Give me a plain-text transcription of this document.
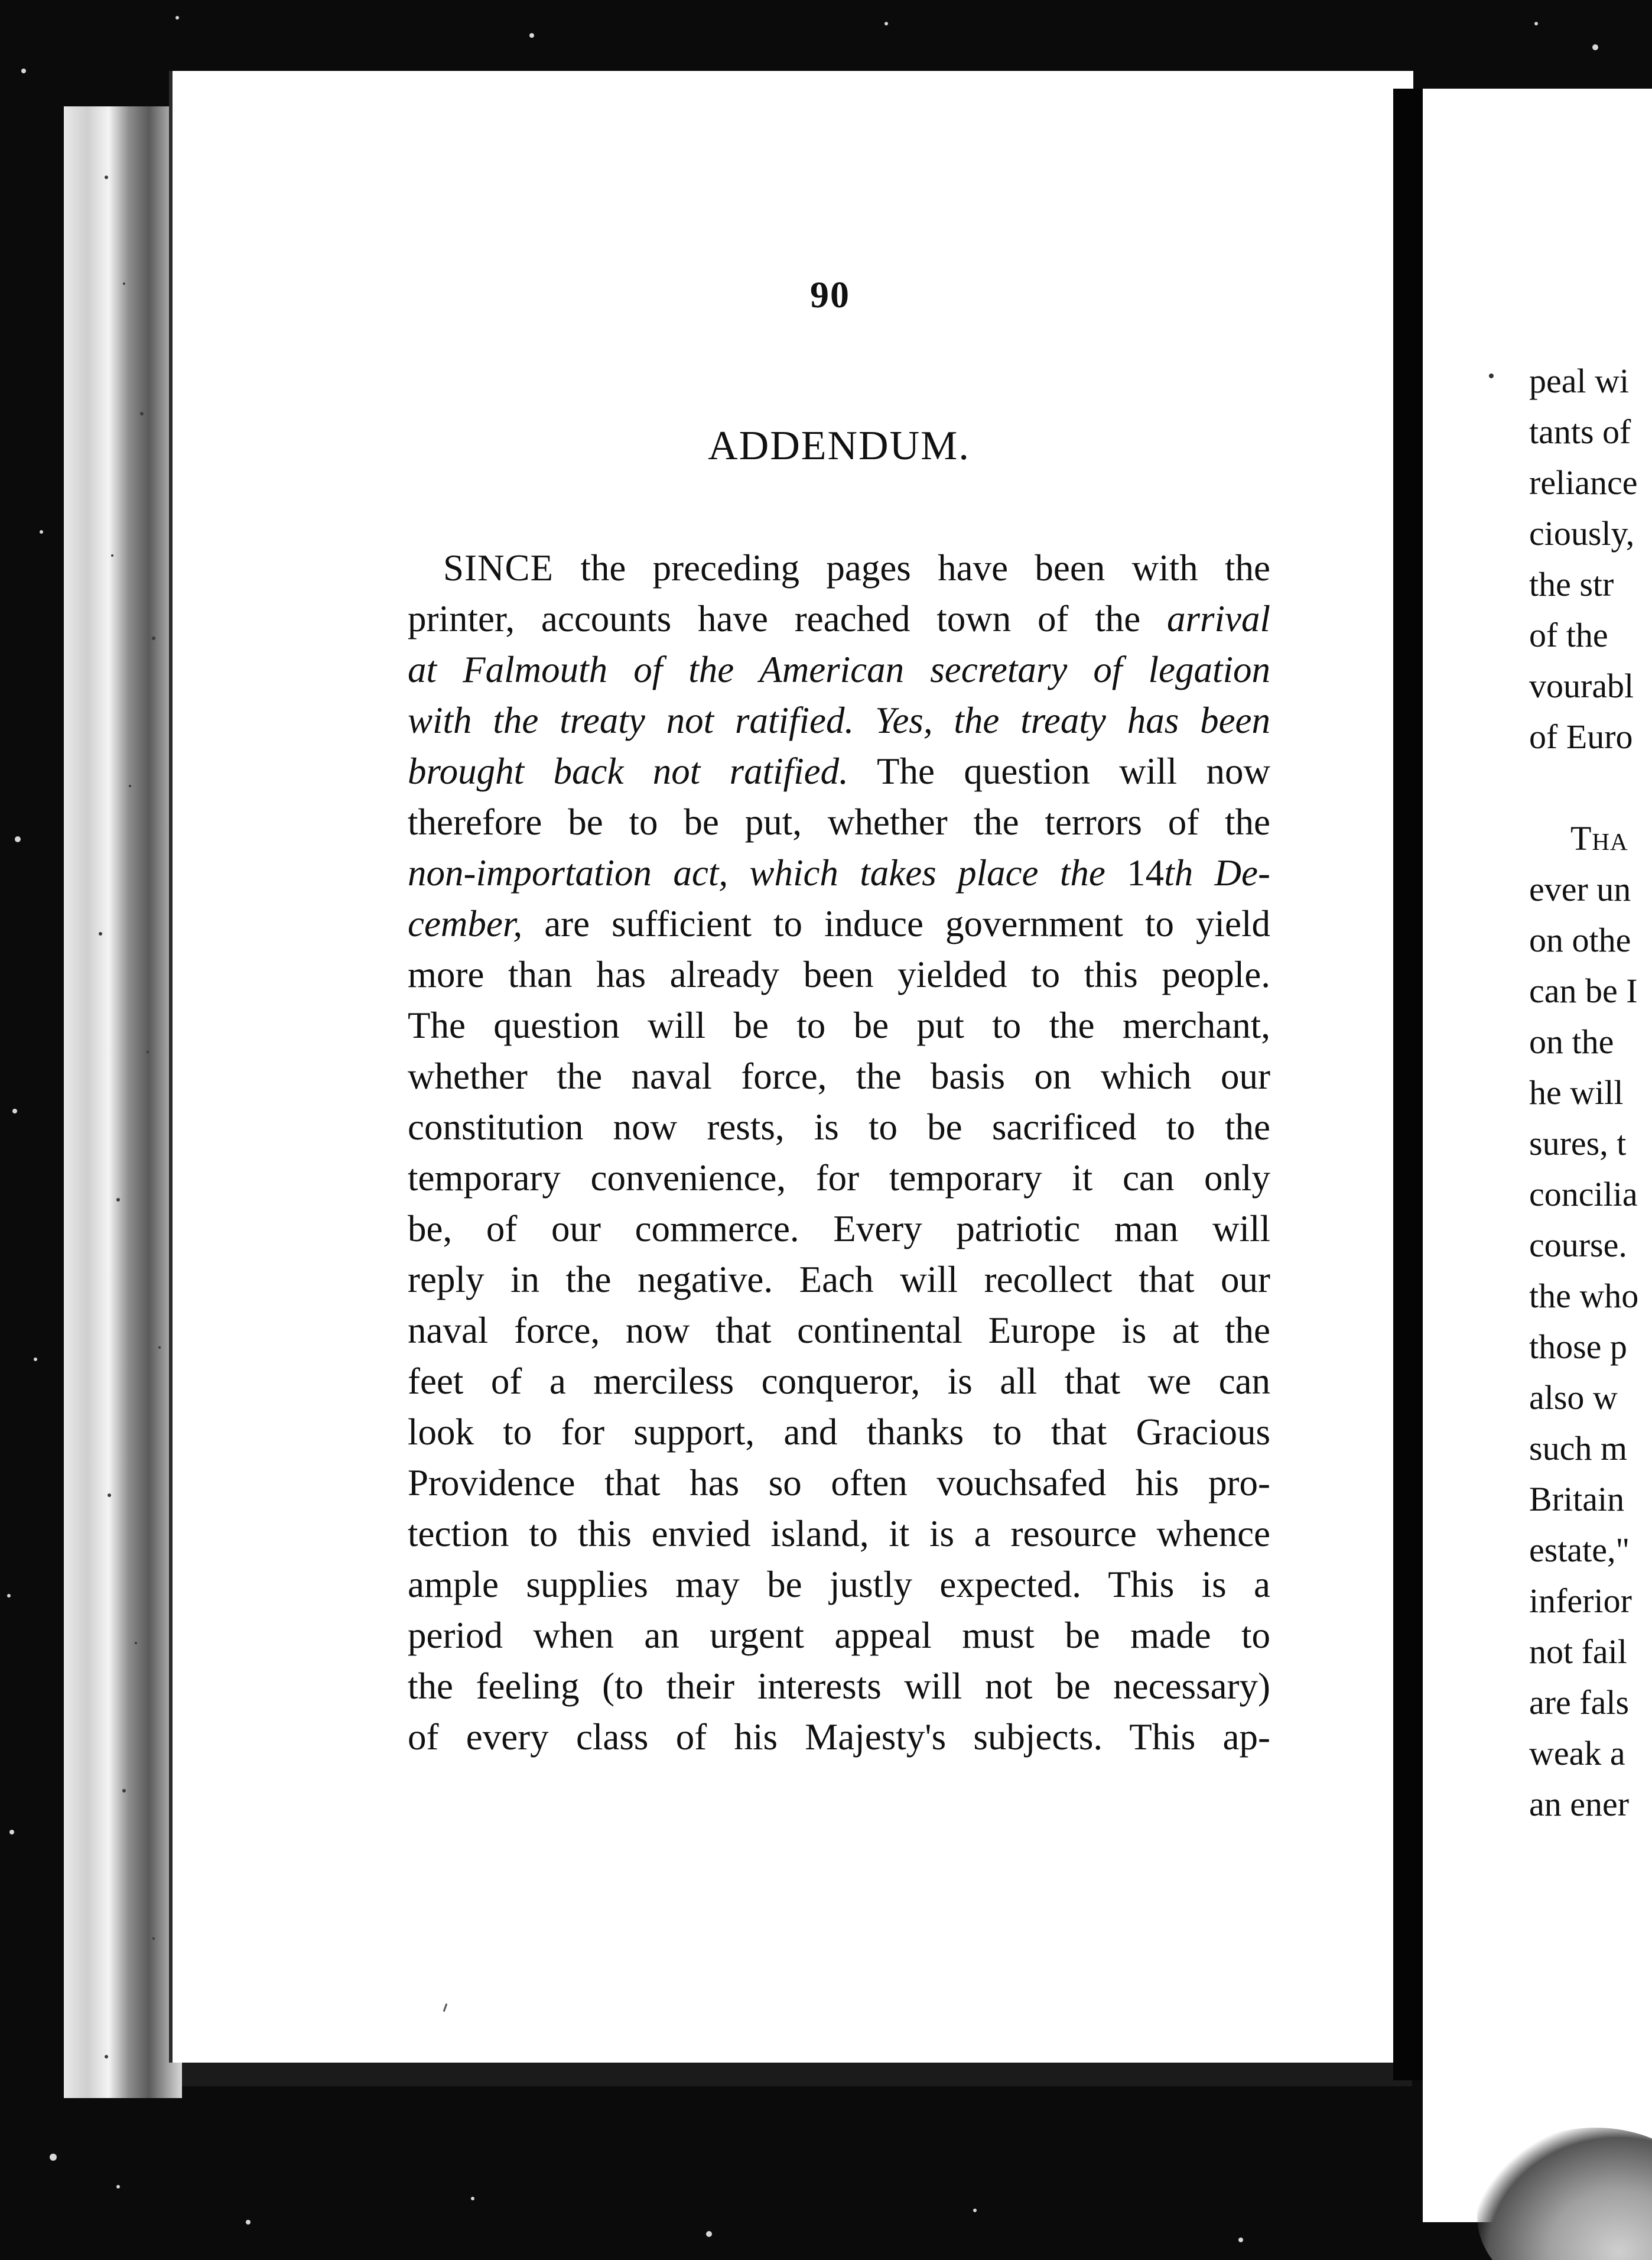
90
ADDENDUM.
SINCE the preceding pages have been with the
printer, accounts have reached town of the arrival
at Falmouth of the American secretary of legation
with the treaty not ratified. Yes, the treaty has been
brought back not ratified. The question will now
therefore be to be put, whether the terrors of the
non-importation act, which takes place the 14th De-
cember, are sufficient to induce government to yield
more than has already been yielded to this people.
The question will be to be put to the merchant,
whether the naval force, the basis on which our
constitution now rests, is to be sacrificed to the
temporary convenience, for temporary it can only
be, of our commerce. Every patriotic man will
reply in the negative. Each will recollect that our
naval force, now that continental Europe is at the
feet of a merciless conqueror, is all that we can
look to for support, and thanks to that Gracious
Providence that has so often vouchsafed his pro-
tection to this envied island, it is a resource whence
ample supplies may be justly expected. This is a
period when an urgent appeal must be made to
the feeling (to their interests will not be necessary)
of every class of his Majesty's subjects. This ap-
peal wi
tants of
reliance
ciously,
the str
of the
vourabl
of Euro
Tha
ever un
on othe
can be I
on the
he will
sures, t
concilia
course.
the who
those p
also w
such m
Britain
estate,"
inferior
not fail
are fals
weak a
an ener
